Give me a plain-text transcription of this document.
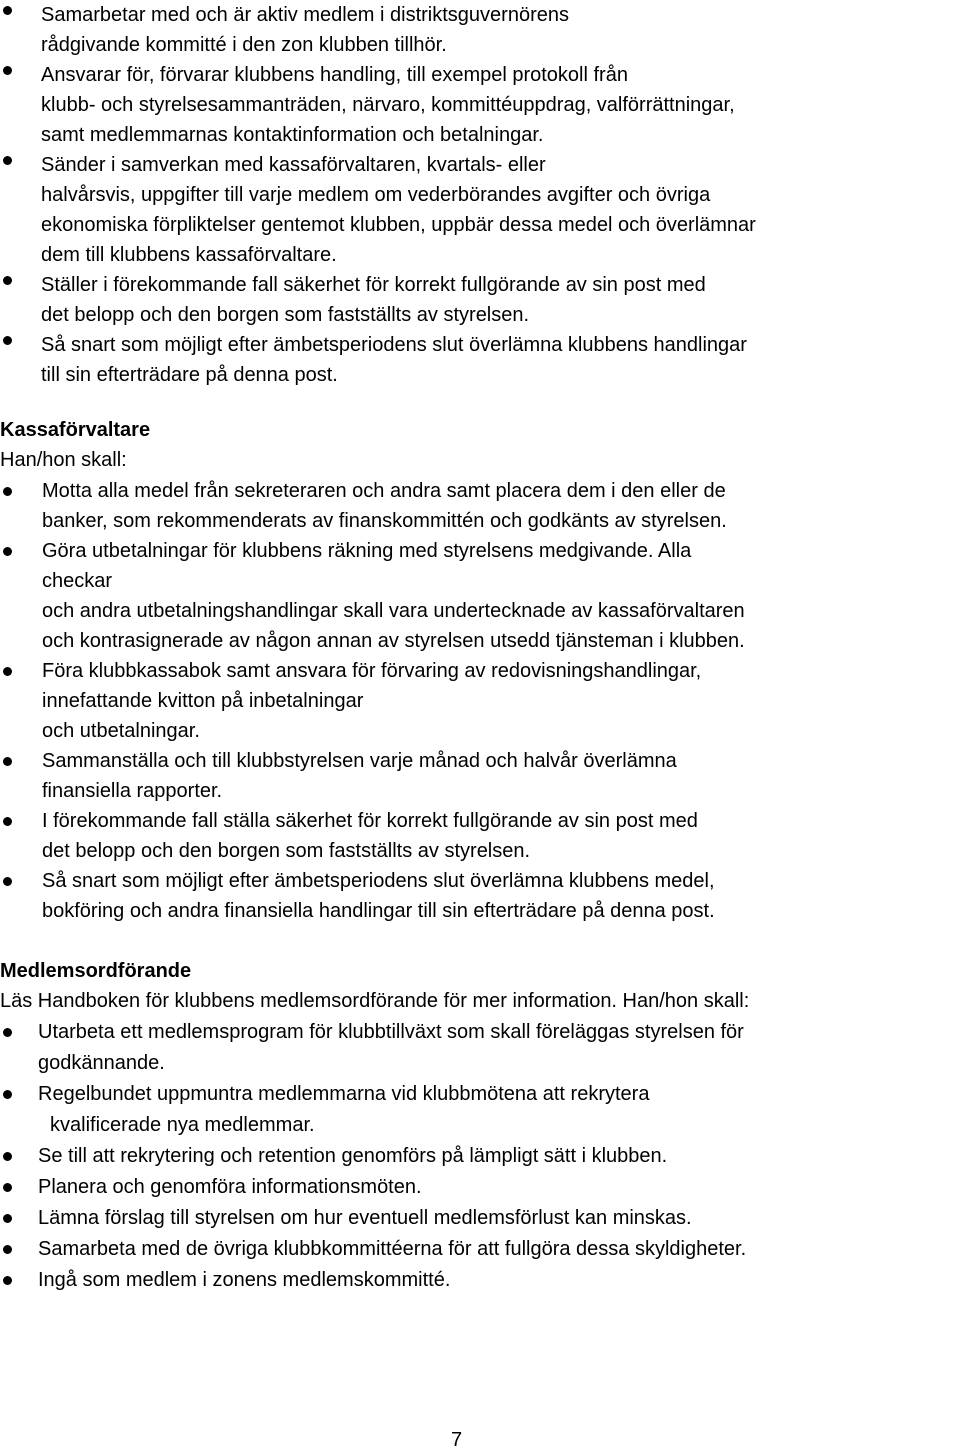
Samarbetar med och är aktiv medlem i distriktsguvernörens
rådgivande kommitté i den zon klubben tillhör.
Ansvarar för, förvarar klubbens handling, till exempel protokoll från
klubb- och styrelsesammanträden, närvaro, kommittéuppdrag, valförrättningar,
samt medlemmarnas kontaktinformation och betalningar.
Sänder i samverkan med kassaförvaltaren, kvartals- eller
halvårsvis, uppgifter till varje medlem om vederbörandes avgifter och övriga
ekonomiska förpliktelser gentemot klubben, uppbär dessa medel och överlämnar
dem till klubbens kassaförvaltare.
Ställer i förekommande fall säkerhet för korrekt fullgörande av sin post med
det belopp och den borgen som fastställts av styrelsen.
Så snart som möjligt efter ämbetsperiodens slut överlämna klubbens handlingar
till sin efterträdare på denna post.
Kassaförvaltare
Han/hon skall:
Motta alla medel från sekreteraren och andra samt placera dem i den eller de
banker, som rekommenderats av finanskommittén och godkänts av styrelsen.
Göra utbetalningar för klubbens räkning med styrelsens medgivande. Alla
checkar
och andra utbetalningshandlingar skall vara undertecknade av kassaförvaltaren
och kontrasignerade av någon annan av styrelsen utsedd tjänsteman i klubben.
Föra klubbkassabok samt ansvara för förvaring av redovisningshandlingar,
innefattande kvitton på inbetalningar
och utbetalningar.
Sammanställa och till klubbstyrelsen varje månad och halvår överlämna
finansiella rapporter.
I förekommande fall ställa säkerhet för korrekt fullgörande av sin post med
det belopp och den borgen som fastställts av styrelsen.
Så snart som möjligt efter ämbetsperiodens slut överlämna klubbens medel,
bokföring och andra finansiella handlingar till sin efterträdare på denna post.
Medlemsordförande
Läs Handboken för klubbens medlemsordförande för mer information. Han/hon skall:
Utarbeta ett medlemsprogram för klubbtillväxt som skall föreläggas styrelsen för
godkännande.
Regelbundet uppmuntra medlemmarna vid klubbmötena att rekrytera
kvalificerade nya medlemmar.
Se till att rekrytering och retention genomförs på lämpligt sätt i klubben.
Planera och genomföra informationsmöten.
Lämna förslag till styrelsen om hur eventuell medlemsförlust kan minskas.
Samarbeta med de övriga klubbkommittéerna för att fullgöra dessa skyldigheter.
Ingå som medlem i zonens medlemskommitté.
7
